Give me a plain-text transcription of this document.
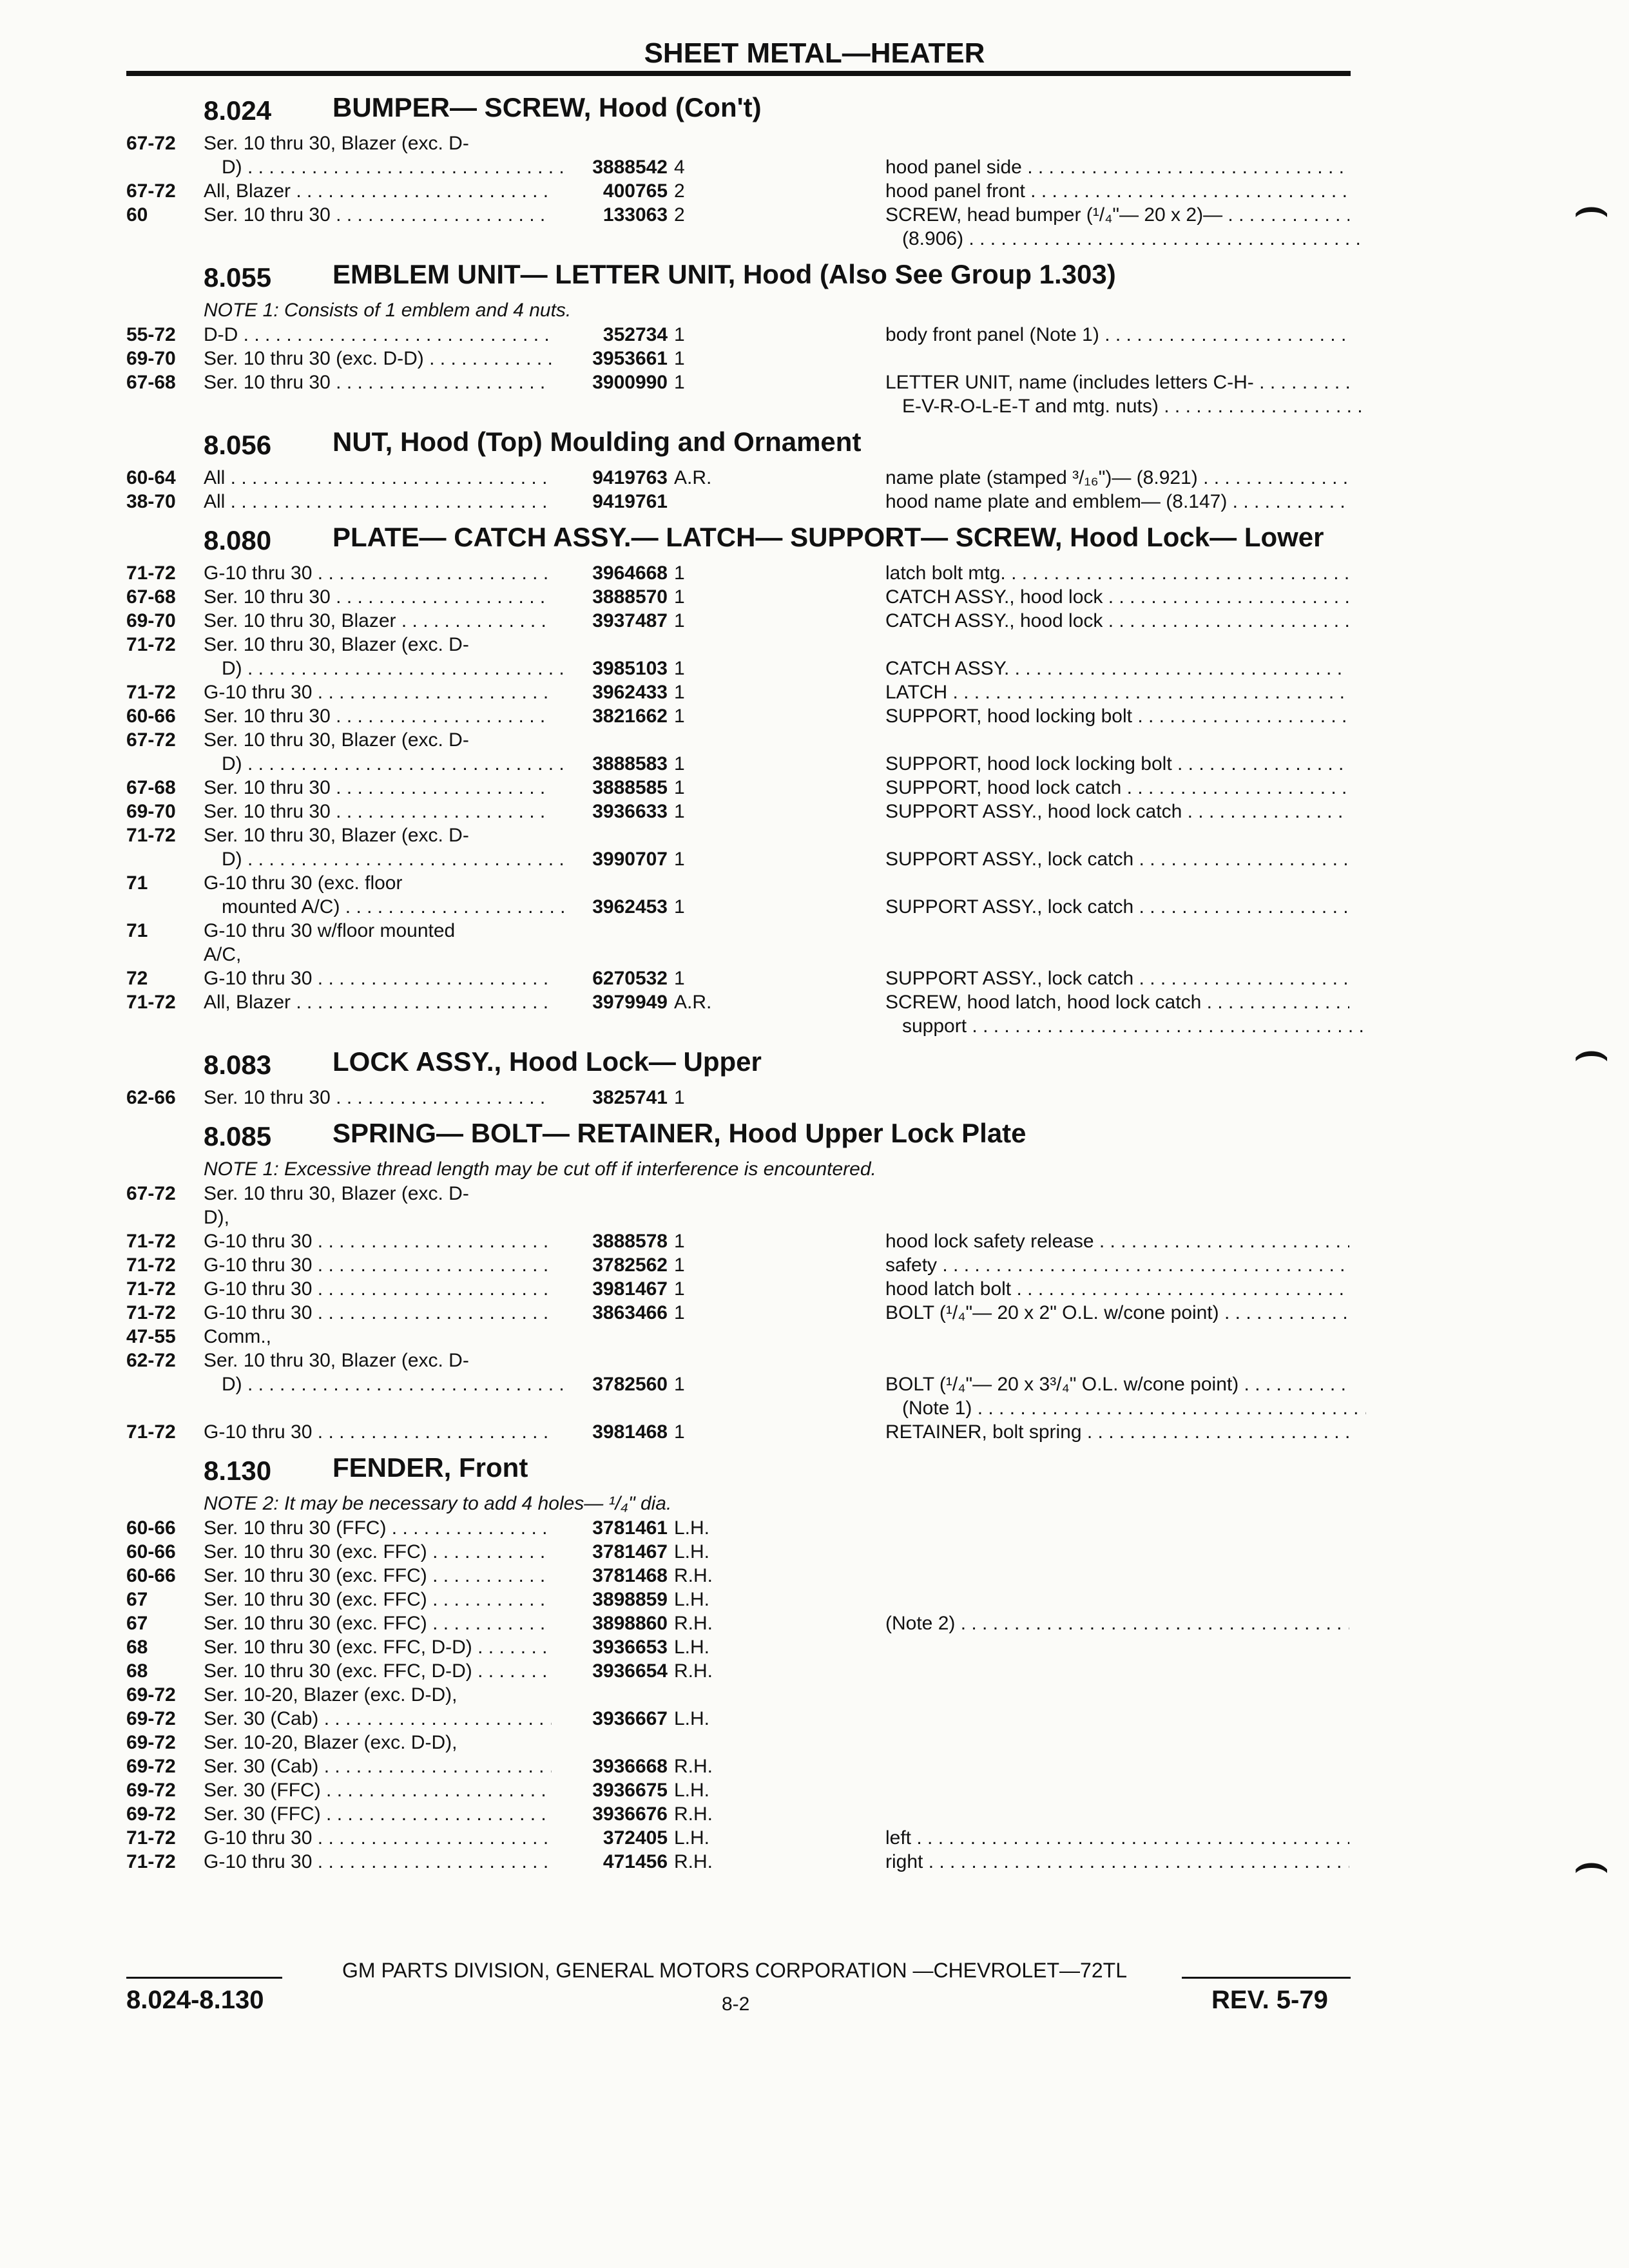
SHEET METAL—HEATER
8.024 BUMPER— SCREW, Hood (Con't)
67-72 Ser. 10 thru 30, Blazer (exc. D-
D) . . .	3888542 4	hood panel side . . .
67-72 All, Blazer . . .	400765 2	hood panel front . . .
60	Ser. 10 thru 30 . . .	133063 2	SCREW, head bumper (¹/₄"— 20 x 2)— . . .
(8.906) . . .
8.055 EMBLEM UNIT— LETTER UNIT, Hood (Also See Group 1.303)
NOTE 1: Consists of 1 emblem and 4 nuts.
55-72 D-D . . .	352734 1	body front panel (Note 1) . . .
69-70 Ser. 10 thru 30 (exc. D-D) . . .	3953661 1
67-68 Ser. 10 thru 30 . . .	3900990 1	LETTER UNIT, name (includes letters C-H- . . .
E-V-R-O-L-E-T and mtg. nuts) . . .
8.056 NUT, Hood (Top) Moulding and Ornament
60-64 All . . .	9419763 A.R.	name plate (stamped ³/₁₆")— (8.921) . . .
38-70 All . . .	9419761	hood name plate and emblem— (8.147) . . .
8.080 PLATE— CATCH ASSY.— LATCH— SUPPORT— SCREW, Hood Lock— Lower
71-72 G-10 thru 30 . . .	3964668 1	latch bolt mtg. . . .
67-68 Ser. 10 thru 30 . . .	3888570 1	CATCH ASSY., hood lock . . .
69-70 Ser. 10 thru 30, Blazer . . .	3937487 1	CATCH ASSY., hood lock . . .
71-72 Ser. 10 thru 30, Blazer (exc. D-
D) . . .	3985103 1	CATCH ASSY. . . .
71-72 G-10 thru 30 . . .	3962433 1	LATCH . . .
60-66 Ser. 10 thru 30 . . .	3821662 1	SUPPORT, hood locking bolt . . .
67-72 Ser. 10 thru 30, Blazer (exc. D-
D) . . .	3888583 1	SUPPORT, hood lock locking bolt . . .
67-68 Ser. 10 thru 30 . . .	3888585 1	SUPPORT, hood lock catch . . .
69-70 Ser. 10 thru 30 . . .	3936633 1	SUPPORT ASSY., hood lock catch . . .
71-72 Ser. 10 thru 30, Blazer (exc. D-
D) . . .	3990707 1	SUPPORT ASSY., lock catch . . .
71	G-10 thru 30 (exc. floor
mounted A/C) . . .	3962453 1	SUPPORT ASSY., lock catch . . .
71	G-10 thru 30 w/floor mounted
A/C,
72	G-10 thru 30 . . .	6270532 1	SUPPORT ASSY., lock catch . . .
71-72 All, Blazer . . .	3979949 A.R.	SCREW, hood latch, hood lock catch . . .
support . . .
8.083 LOCK ASSY., Hood Lock— Upper
62-66 Ser. 10 thru 30 . . .	3825741 1
8.085 SPRING— BOLT— RETAINER, Hood Upper Lock Plate
NOTE 1: Excessive thread length may be cut off if interference is encountered.
67-72 Ser. 10 thru 30, Blazer (exc. D-
D),
71-72 G-10 thru 30 . . .	3888578 1	hood lock safety release . . .
71-72 G-10 thru 30 . . .	3782562 1	safety . . .
71-72 G-10 thru 30 . . .	3981467 1	hood latch bolt . . .
71-72 G-10 thru 30 . . .	3863466 1	BOLT (¹/₄"— 20 x 2" O.L. w/cone point) . . .
47-55 Comm.,
62-72 Ser. 10 thru 30, Blazer (exc. D-
D) . . .	3782560 1	BOLT (¹/₄"— 20 x 3³/₄" O.L. w/cone point) . . .
(Note 1) . . .
71-72 G-10 thru 30 . . .	3981468 1	RETAINER, bolt spring . . .
8.130 FENDER, Front
NOTE 2: It may be necessary to add 4 holes— ¹/₄" dia.
60-66 Ser. 10 thru 30 (FFC) . . .	3781461 L.H.
60-66 Ser. 10 thru 30 (exc. FFC) . . .	3781467 L.H.
60-66 Ser. 10 thru 30 (exc. FFC) . . .	3781468 R.H.
67	Ser. 10 thru 30 (exc. FFC) . . .	3898859 L.H.
67	Ser. 10 thru 30 (exc. FFC) . . .	3898860 R.H.	(Note 2) . . .
68	Ser. 10 thru 30 (exc. FFC, D-D) . . .	3936653 L.H.
68	Ser. 10 thru 30 (exc. FFC, D-D) . . .	3936654 R.H.
69-72 Ser. 10-20, Blazer (exc. D-D),
69-72 Ser. 30 (Cab) . . .	3936667 L.H.
69-72 Ser. 10-20, Blazer (exc. D-D),
69-72 Ser. 30 (Cab) . . .	3936668 R.H.
69-72 Ser. 30 (FFC) . . .	3936675 L.H.
69-72 Ser. 30 (FFC) . . .	3936676 R.H.
71-72 G-10 thru 30 . . .	372405 L.H.	left . . .
71-72 G-10 thru 30 . . .	471456 R.H.	right . . .
⌢
⌢
⌢
GM PARTS DIVISION, GENERAL MOTORS CORPORATION —CHEVROLET—72TL
8.024-8.130	8-2	REV. 5-79
